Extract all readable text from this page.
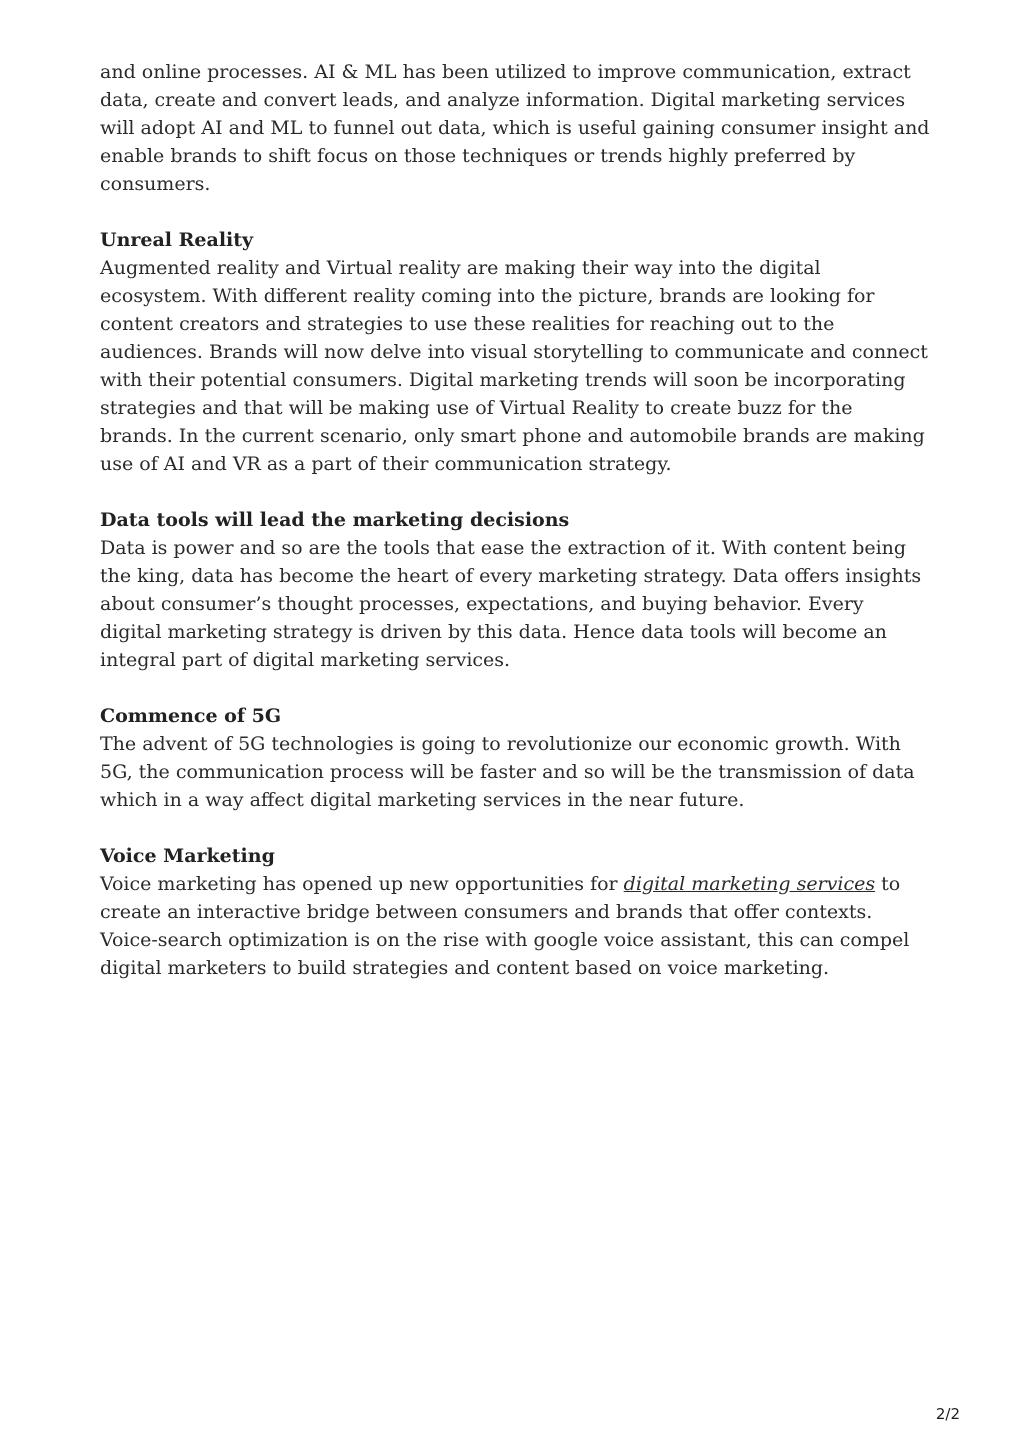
and online processes. AI & ML has been utilized to improve communication, extract data, create and convert leads, and analyze information. Digital marketing services will adopt AI and ML to funnel out data, which is useful gaining consumer insight and enable brands to shift focus on those techniques or trends highly preferred by consumers.

Unreal Reality

Augmented reality and Virtual reality are making their way into the digital ecosystem. With different reality coming into the picture, brands are looking for content creators and strategies to use these realities for reaching out to the audiences. Brands will now delve into visual storytelling to communicate and connect with their potential consumers. Digital marketing trends will soon be incorporating strategies and that will be making use of Virtual Reality to create buzz for the brands. In the current scenario, only smart phone and automobile brands are making use of AI and VR as a part of their communication strategy.

Data tools will lead the marketing decisions

Data is power and so are the tools that ease the extraction of it. With content being the king, data has become the heart of every marketing strategy. Data offers insights about consumer’s thought processes, expectations, and buying behavior. Every digital marketing strategy is driven by this data. Hence data tools will become an integral part of digital marketing services.

Commence of 5G

The advent of 5G technologies is going to revolutionize our economic growth. With 5G, the communication process will be faster and so will be the transmission of data which in a way affect digital marketing services in the near future.

Voice Marketing

Voice marketing has opened up new opportunities for digital marketing services to create an interactive bridge between consumers and brands that offer contexts. Voice-search optimization is on the rise with google voice assistant, this can compel digital marketers to build strategies and content based on voice marketing.

2/2
